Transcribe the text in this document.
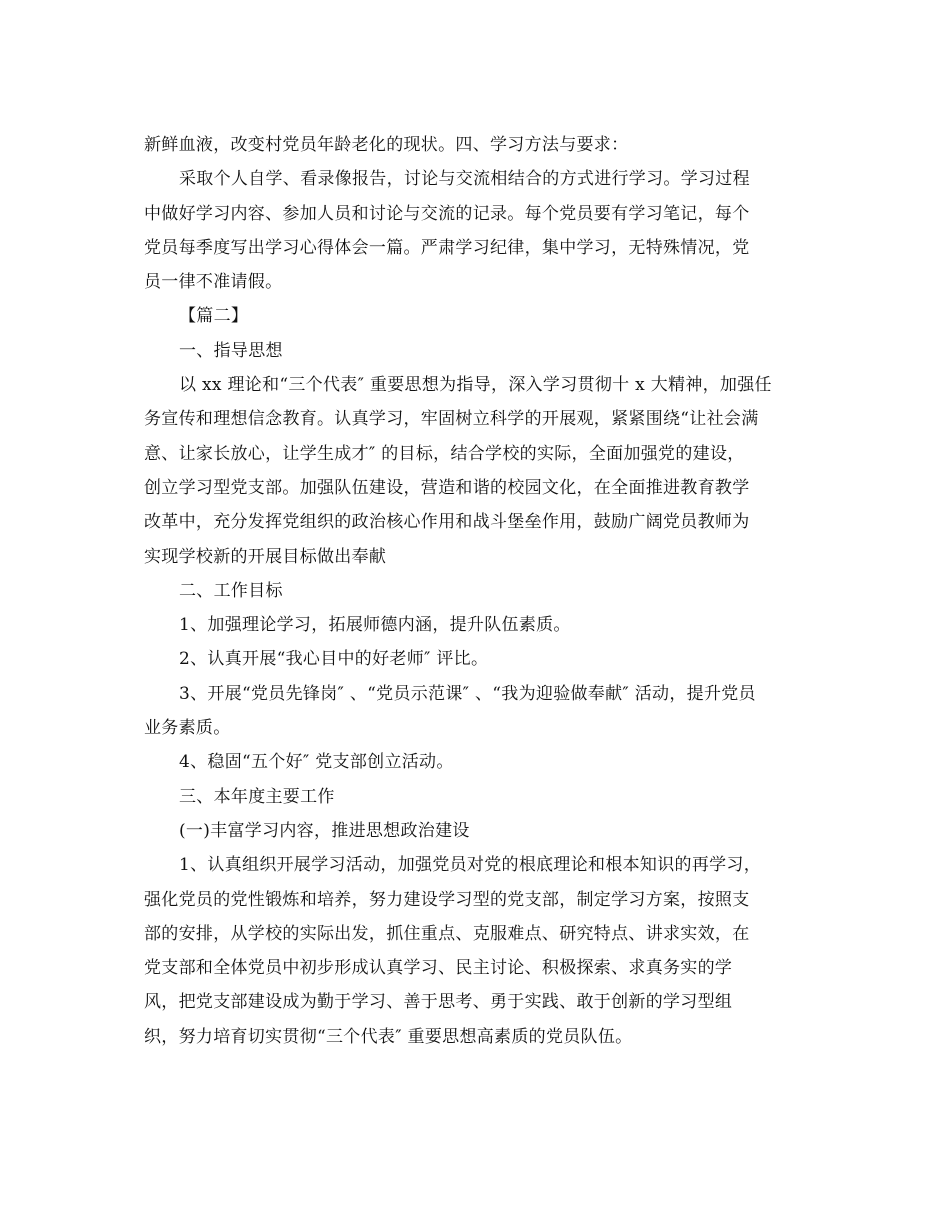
新鲜血液，改变村党员年龄老化的现状。四、学习方法与要求：
采取个人自学、看录像报告，讨论与交流相结合的方式进行学习。学习过程
中做好学习内容、参加人员和讨论与交流的记录。每个党员要有学习笔记，每个
党员每季度写出学习心得体会一篇。严肃学习纪律，集中学习，无特殊情况，党
员一律不准请假。
【篇二】
一、指导思想
以 xx 理论和“三个代表″ 重要思想为指导，深入学习贯彻十 x 大精神，加强任
务宣传和理想信念教育。认真学习，牢固树立科学的开展观，紧紧围绕“让社会满
意、让家长放心，让学生成才″ 的目标，结合学校的实际，全面加强党的建设，
创立学习型党支部。加强队伍建设，营造和谐的校园文化，在全面推进教育教学
改革中，充分发挥党组织的政治核心作用和战斗堡垒作用，鼓励广阔党员教师为
实现学校新的开展目标做出奉献
二、工作目标
1、加强理论学习，拓展师德内涵，提升队伍素质。
2、认真开展“我心目中的好老师″ 评比。
3、开展“党员先锋岗″ 、“党员示范课″ 、“我为迎验做奉献″ 活动，提升党员
业务素质。
4、稳固“五个好″ 党支部创立活动。
三、本年度主要工作
(一)丰富学习内容，推进思想政治建设
1、认真组织开展学习活动，加强党员对党的根底理论和根本知识的再学习，
强化党员的党性锻炼和培养，努力建设学习型的党支部，制定学习方案，按照支
部的安排，从学校的实际出发，抓住重点、克服难点、研究特点、讲求实效，在
党支部和全体党员中初步形成认真学习、民主讨论、积极探索、求真务实的学
风，把党支部建设成为勤于学习、善于思考、勇于实践、敢于创新的学习型组
织，努力培育切实贯彻“三个代表″ 重要思想高素质的党员队伍。
